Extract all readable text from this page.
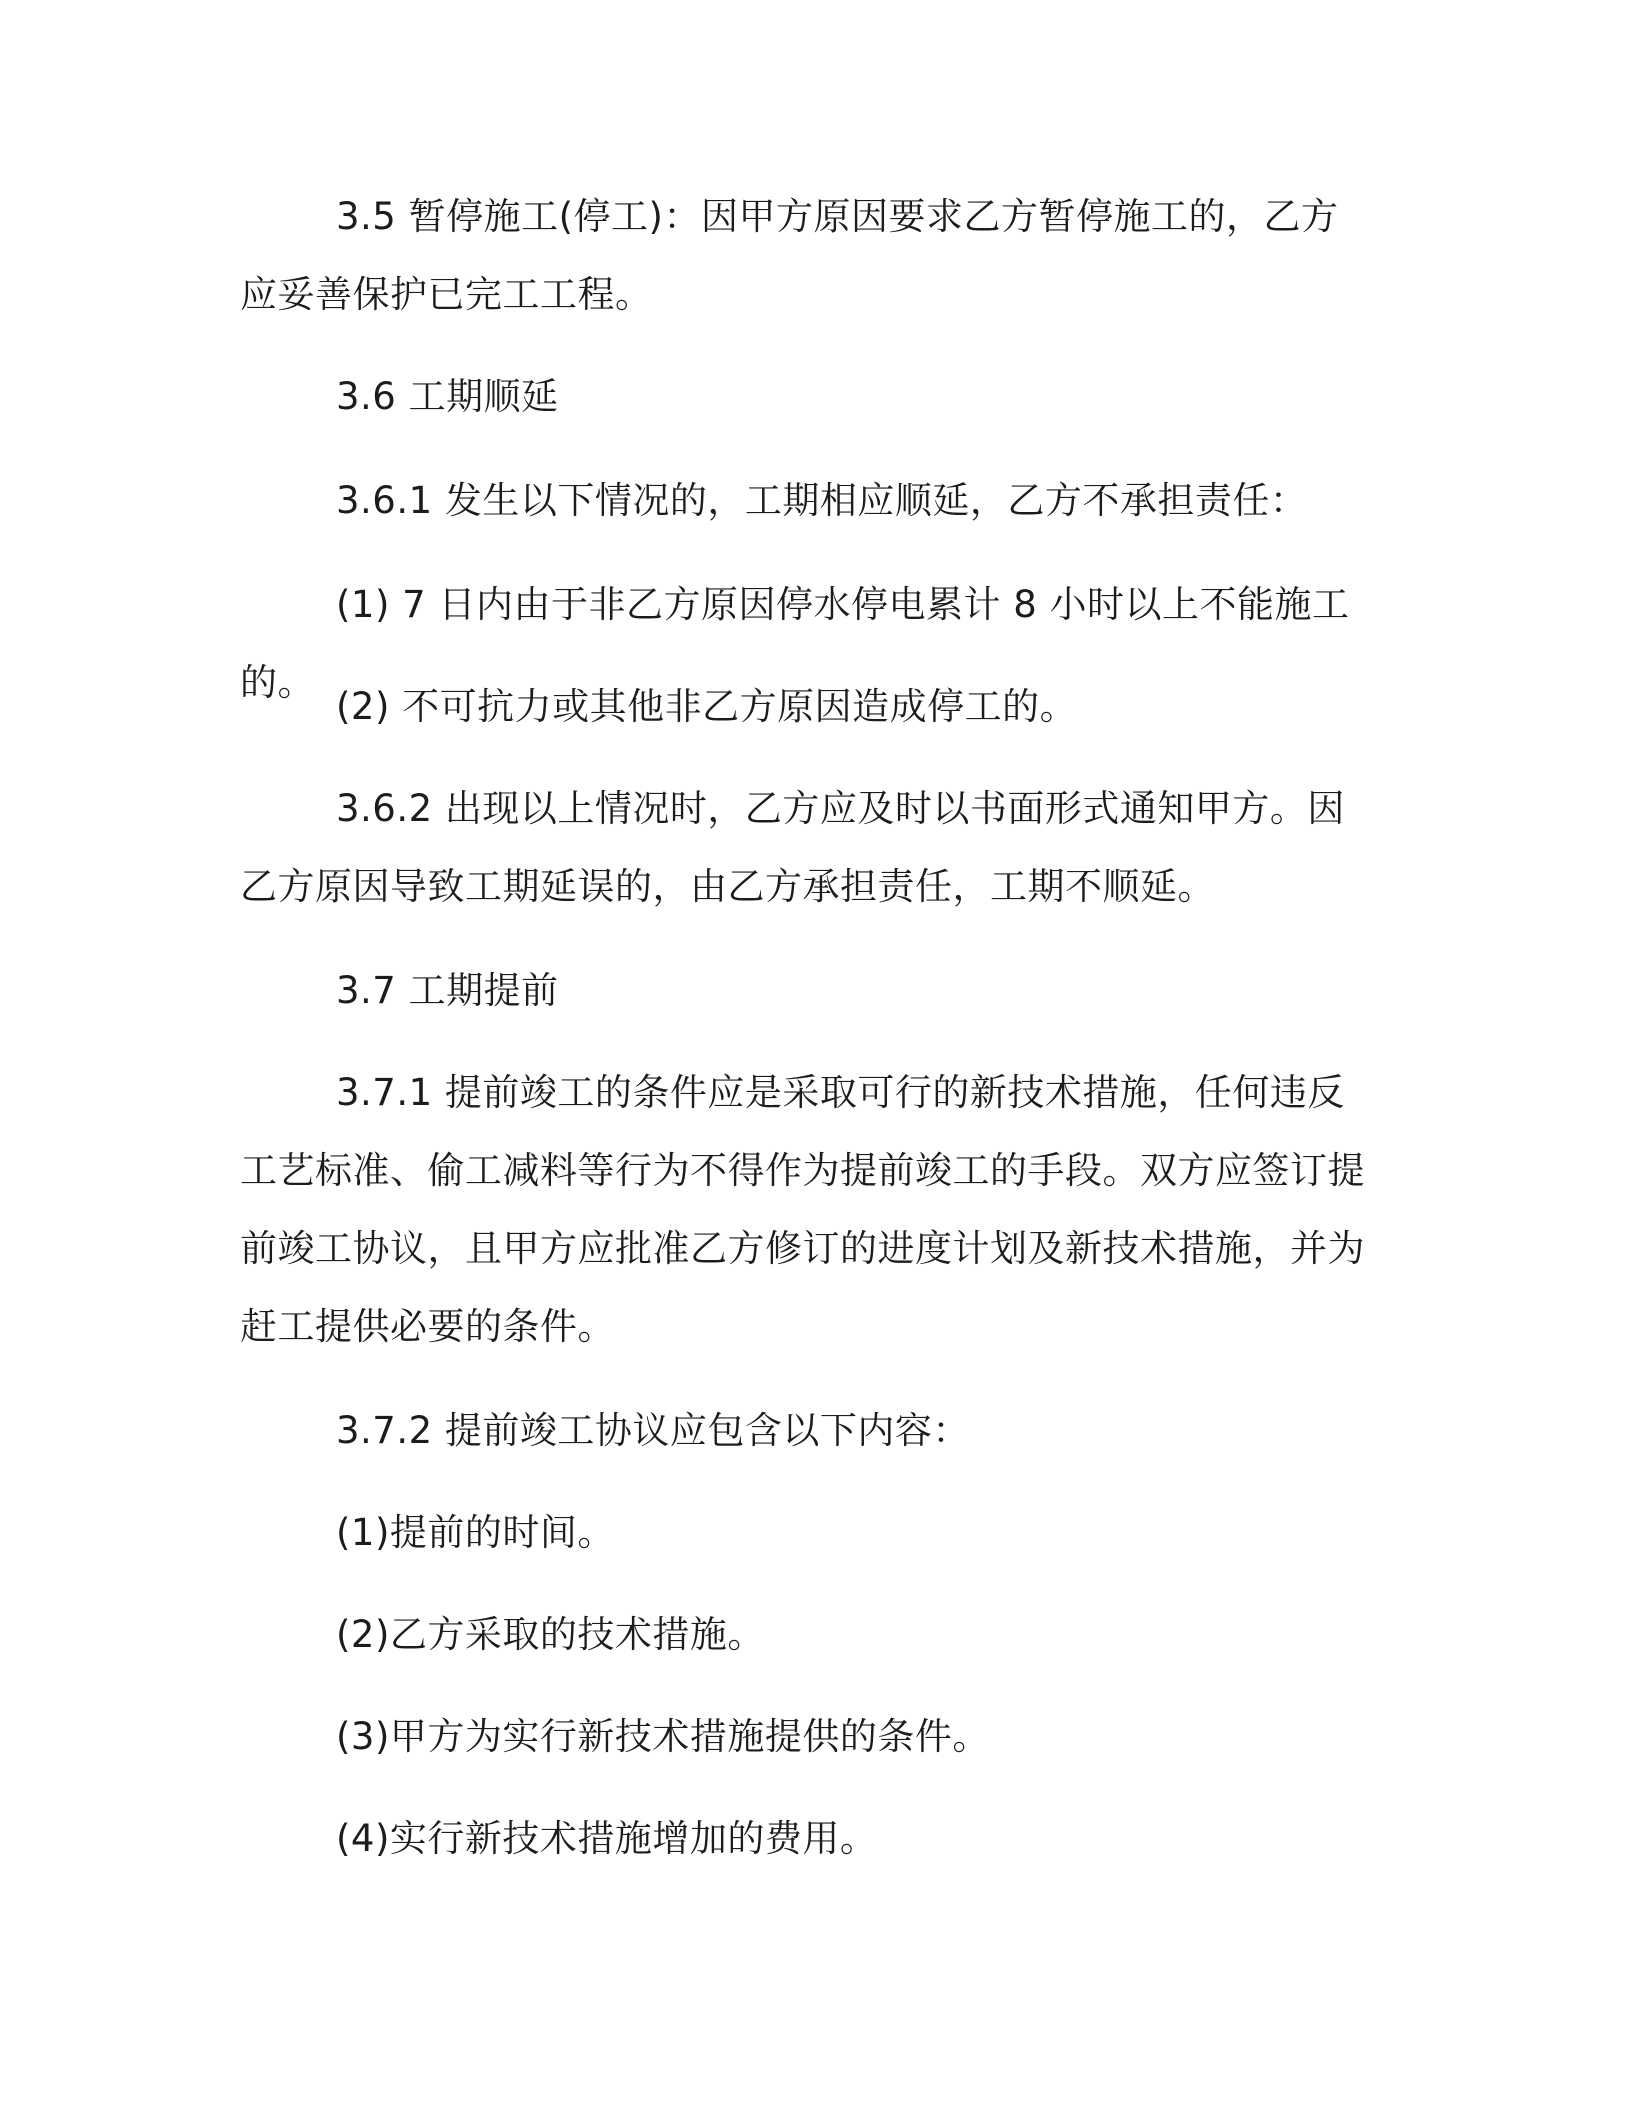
3.5 暂停施工(停工)：因甲方原因要求乙方暂停施工的，乙方应妥善保护已完工工程。

3.6 工期顺延

3.6.1 发生以下情况的，工期相应顺延，乙方不承担责任：

(1) 7 日内由于非乙方原因停水停电累计 8 小时以上不能施工的。

(2) 不可抗力或其他非乙方原因造成停工的。

3.6.2 出现以上情况时，乙方应及时以书面形式通知甲方。因乙方原因导致工期延误的，由乙方承担责任，工期不顺延。

3.7 工期提前

3.7.1 提前竣工的条件应是采取可行的新技术措施，任何违反工艺标准、偷工减料等行为不得作为提前竣工的手段。双方应签订提前竣工协议，且甲方应批准乙方修订的进度计划及新技术措施，并为赶工提供必要的条件。

3.7.2 提前竣工协议应包含以下内容：

(1)提前的时间。

(2)乙方采取的技术措施。

(3)甲方为实行新技术措施提供的条件。

(4)实行新技术措施增加的费用。
